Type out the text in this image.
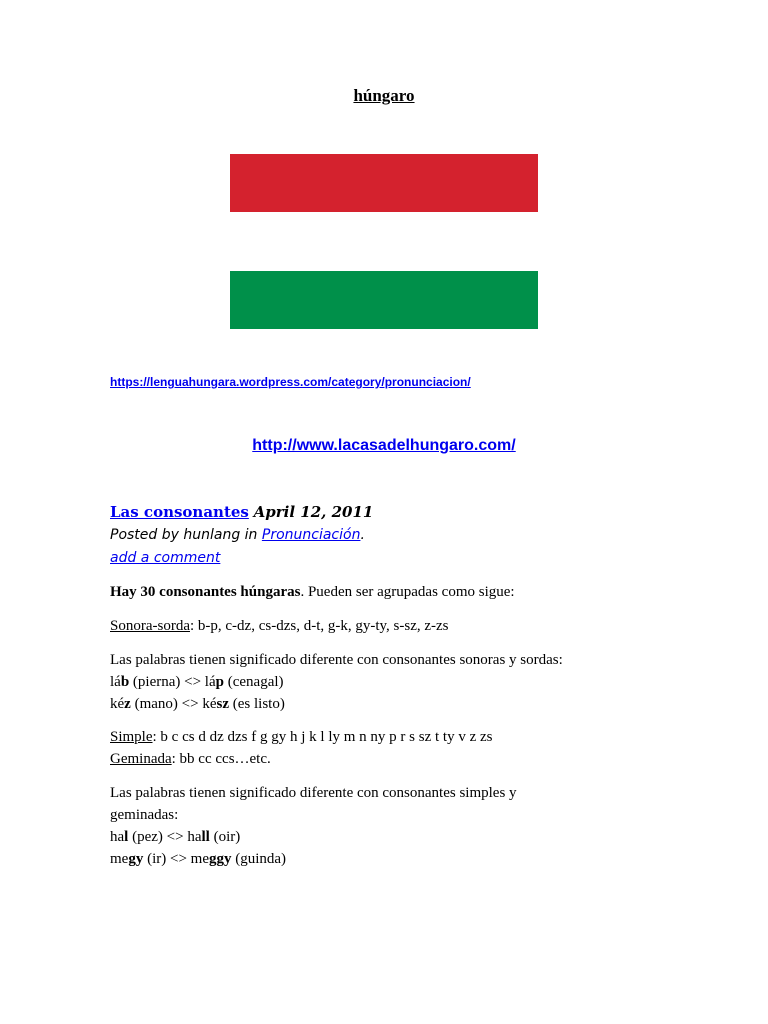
húngaro
https://lenguahungara.wordpress.com/category/pronunciacion/
http://www.lacasadelhungaro.com/
Las consonantes April 12, 2011
Posted by hunlang in Pronunciación.
add a comment
Hay 30 consonantes húngaras. Pueden ser agrupadas como sigue:
Sonora-sorda: b-p, c-dz, cs-dzs, d-t, g-k, gy-ty, s-sz, z-zs
Las palabras tienen significado diferente con consonantes sonoras y sordas:
láb (pierna) <> láp (cenagal)
kéz (mano) <> kész (es listo)
Simple: b c cs d dz dzs f g gy h j k l ly m n ny p r s sz t ty v z zs
Geminada: bb cc ccs…etc.
Las palabras tienen significado diferente con consonantes simples y
geminadas:
hal (pez) <> hall (oir)
megy (ir) <> meggy (guinda)
